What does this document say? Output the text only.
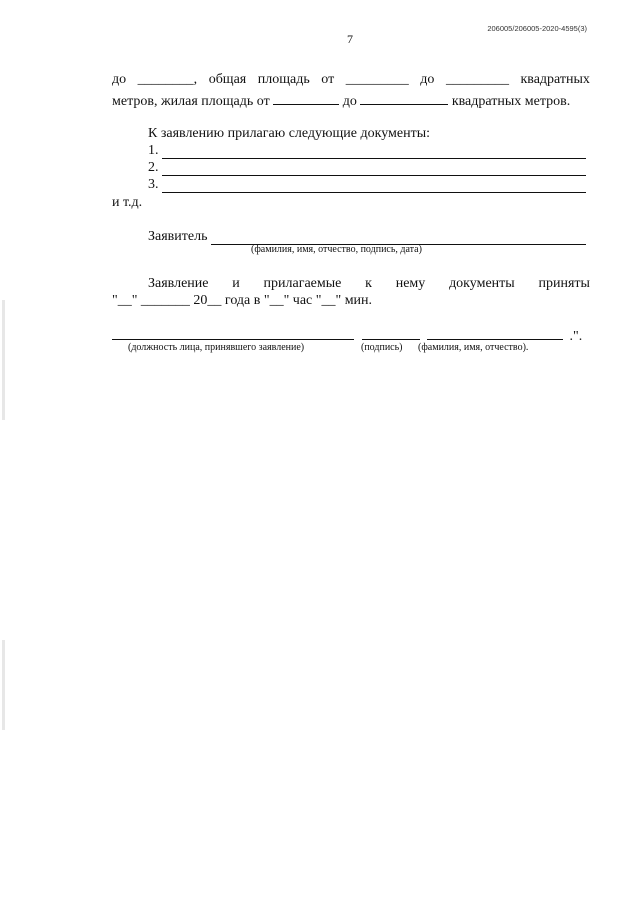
206005/206005-2020-4595(3)
7
до ________, общая площадь от _________ до _________ квадратных
метров, жилая площадь от	до	квадратных метров.
К заявлению прилагаю следующие документы:
1.
2.
3.
и т.д.
Заявитель
(фамилия, имя, отчество, подпись, дата)
Заявление и прилагаемые к нему документы приняты
"__" _______ 20__ года в "__" час "__" мин.
.".
(должность лица, принявшего заявление)	(подпись) (фамилия, имя, отчество).
